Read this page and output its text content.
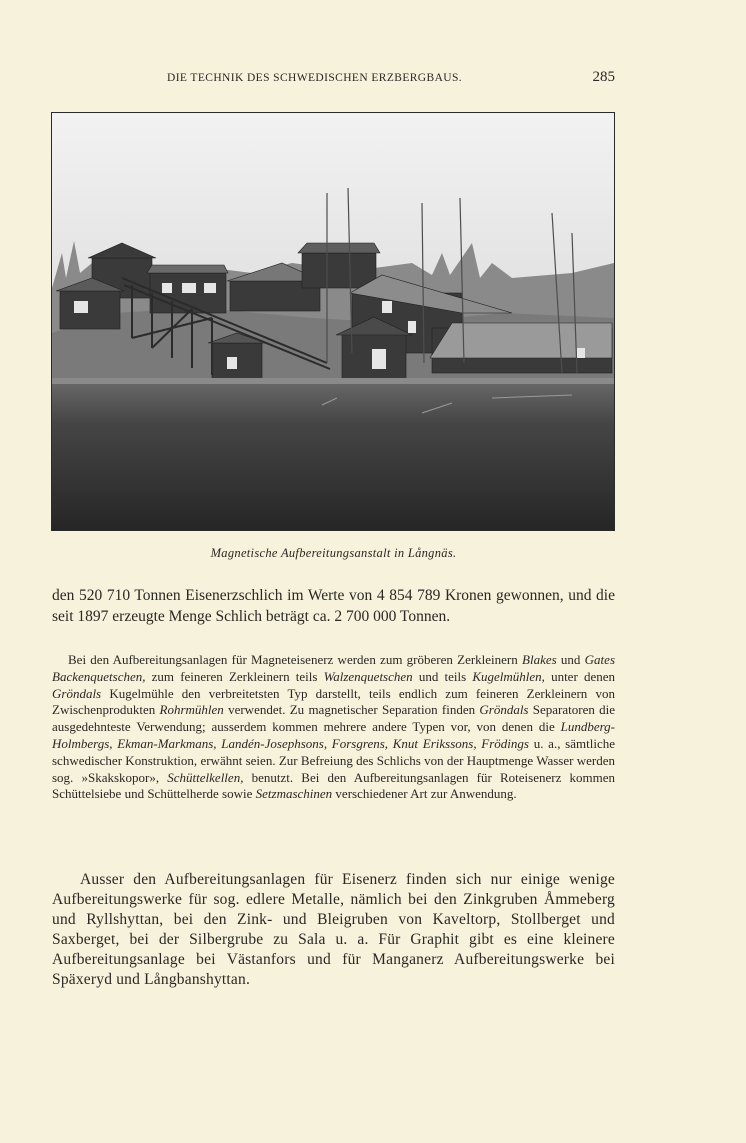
DIE TECHNIK DES SCHWEDISCHEN ERZBERGBAUS.	285
Magnetische Aufbereitungsanstalt in Långnäs.

den 520 710 Tonnen Eisenerzschlich im Werte von 4 854 789 Kronen gewonnen, und die seit 1897 erzeugte Menge Schlich beträgt ca. 2 700 000 Tonnen.

Bei den Aufbereitungsanlagen für Magneteisenerz werden zum gröberen Zerkleinern Blakes und Gates Backenquetschen, zum feineren Zerkleinern teils Walzenquetschen und teils Kugelmühlen, unter denen Gröndals Kugelmühle den verbreitetsten Typ darstellt, teils endlich zum feineren Zerkleinern von Zwischenprodukten Rohrmühlen verwendet. Zu magnetischer Separation finden Gröndals Separatoren die ausgedehnteste Verwendung; ausserdem kommen mehrere andere Typen vor, von denen die Lundberg-Holmbergs, Ekman-Markmans, Landén-Josephsons, Forsgrens, Knut Erikssons, Frödings u. a., sämtliche schwedischer Konstruktion, erwähnt seien. Zur Befreiung des Schlichs von der Hauptmenge Wasser werden sog. »Skakskopor», Schüttelkellen, benutzt. Bei den Aufbereitungsanlagen für Roteisenerz kommen Schüttelsiebe und Schüttelherde sowie Setzmaschinen verschiedener Art zur Anwendung.

Ausser den Aufbereitungsanlagen für Eisenerz finden sich nur einige wenige Aufbereitungswerke für sog. edlere Metalle, nämlich bei den Zinkgruben Åmmeberg und Ryllshyttan, bei den Zink- und Bleigruben von Kaveltorp, Stollberget und Saxberget, bei der Silbergrube zu Sala u. a. Für Graphit gibt es eine kleinere Aufbereitungsanlage bei Västanfors und für Manganerz Aufbereitungswerke bei Späxeryd und Långbanshyttan.
